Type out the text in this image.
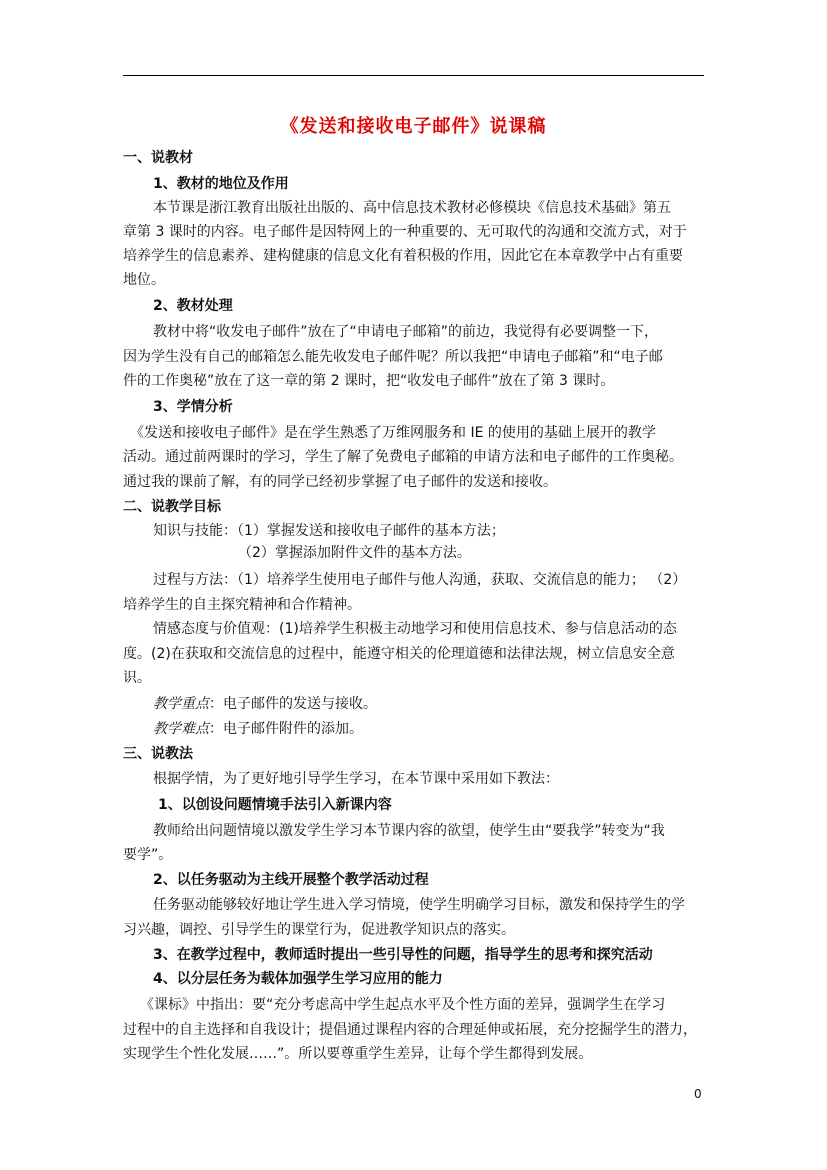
《发送和接收电子邮件》说课稿
一、说教材
1、教材的地位及作用
本节课是浙江教育出版社出版的、高中信息技术教材必修模块《信息技术基础》第五
章第 3 课时的内容。电子邮件是因特网上的一种重要的、无可取代的沟通和交流方式，对于
培养学生的信息素养、建构健康的信息文化有着积极的作用，因此它在本章教学中占有重要
地位。
2、教材处理
教材中将“收发电子邮件”放在了“申请电子邮箱”的前边，我觉得有必要调整一下，
因为学生没有自己的邮箱怎么能先收发电子邮件呢？所以我把“申请电子邮箱”和“电子邮
件的工作奥秘”放在了这一章的第 2 课时，把“收发电子邮件”放在了第 3 课时。
3、学情分析
《发送和接收电子邮件》是在学生熟悉了万维网服务和 IE 的使用的基础上展开的教学
活动。通过前两课时的学习，学生了解了免费电子邮箱的申请方法和电子邮件的工作奥秘。
通过我的课前了解，有的同学已经初步掌握了电子邮件的发送和接收。
二、说教学目标
知识与技能：（1）掌握发送和接收电子邮件的基本方法；
（2）掌握添加附件文件的基本方法。
过程与方法：（1）培养学生使用电子邮件与他人沟通，获取、交流信息的能力； （2）
培养学生的自主探究精神和合作精神。
情感态度与价值观：(1)培养学生积极主动地学习和使用信息技术、参与信息活动的态
度。(2)在获取和交流信息的过程中，能遵守相关的伦理道德和法律法规，树立信息安全意
识。
教学重点：电子邮件的发送与接收。
教学难点：电子邮件附件的添加。
三、说教法
根据学情，为了更好地引导学生学习，在本节课中采用如下教法：
1、以创设问题情境手法引入新课内容
教师给出问题情境以激发学生学习本节课内容的欲望，使学生由“要我学”转变为“我
要学”。
2、以任务驱动为主线开展整个教学活动过程
任务驱动能够较好地让学生进入学习情境，使学生明确学习目标，激发和保持学生的学
习兴趣，调控、引导学生的课堂行为，促进教学知识点的落实。
3、在教学过程中，教师适时提出一些引导性的问题，指导学生的思考和探究活动
4、以分层任务为载体加强学生学习应用的能力
《课标》中指出：要“充分考虑高中学生起点水平及个性方面的差异，强调学生在学习
过程中的自主选择和自我设计；提倡通过课程内容的合理延伸或拓展，充分挖掘学生的潜力，
实现学生个性化发展……”。所以要尊重学生差异，让每个学生都得到发展。
0
